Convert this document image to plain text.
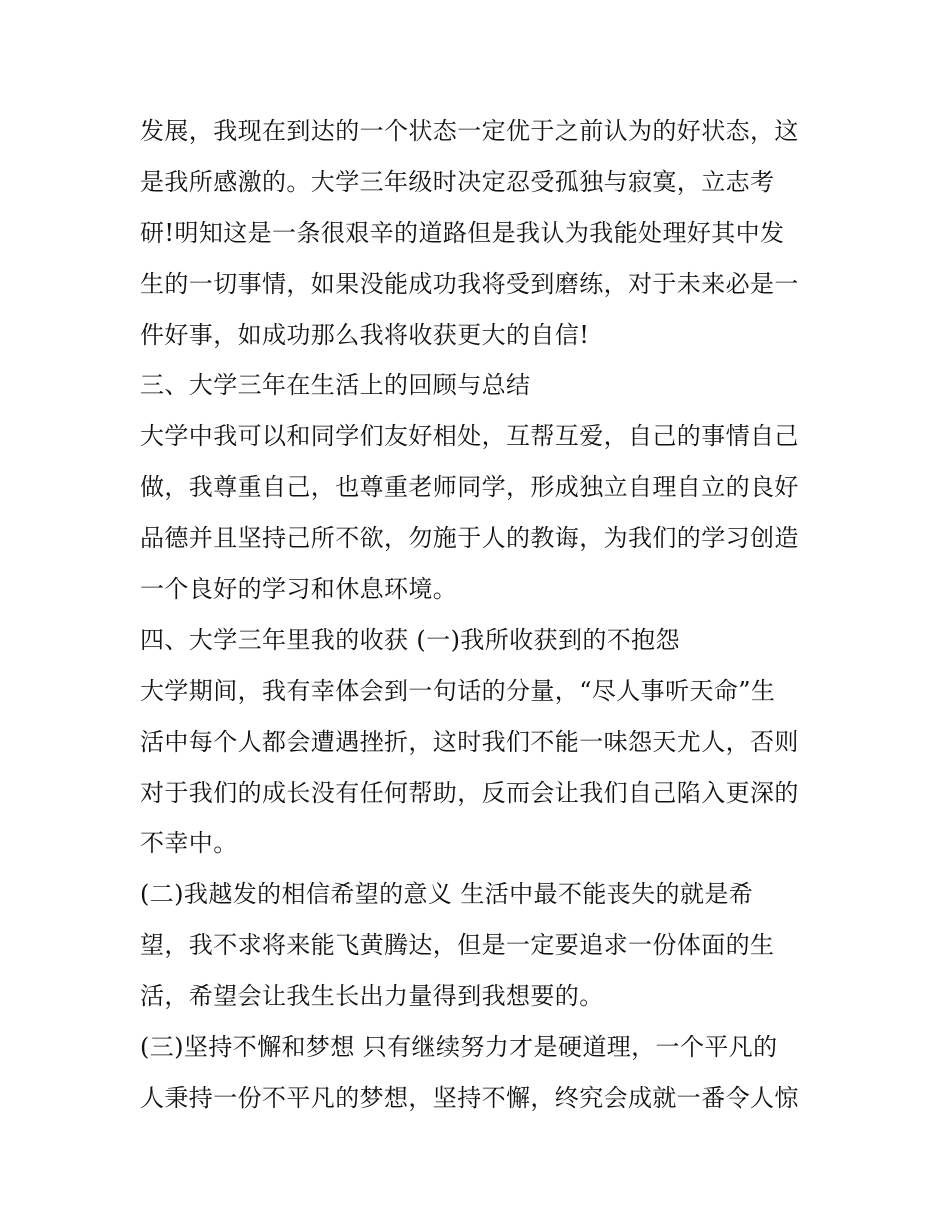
发展，我现在到达的一个状态一定优于之前认为的好状态，这
是我所感激的。大学三年级时决定忍受孤独与寂寞，立志考
研!明知这是一条很艰辛的道路但是我认为我能处理好其中发
生的一切事情，如果没能成功我将受到磨练，对于未来必是一
件好事，如成功那么我将收获更大的自信!
三、大学三年在生活上的回顾与总结
大学中我可以和同学们友好相处，互帮互爱，自己的事情自己
做，我尊重自己，也尊重老师同学，形成独立自理自立的良好
品德并且坚持己所不欲，勿施于人的教诲，为我们的学习创造
一个良好的学习和休息环境。
四、大学三年里我的收获 (一)我所收获到的不抱怨
大学期间，我有幸体会到一句话的分量，“尽人事听天命”生
活中每个人都会遭遇挫折，这时我们不能一味怨天尤人，否则
对于我们的成长没有任何帮助，反而会让我们自己陷入更深的
不幸中。
(二)我越发的相信希望的意义 生活中最不能丧失的就是希
望，我不求将来能飞黄腾达，但是一定要追求一份体面的生
活，希望会让我生长出力量得到我想要的。
(三)坚持不懈和梦想 只有继续努力才是硬道理，一个平凡的
人秉持一份不平凡的梦想，坚持不懈，终究会成就一番令人惊
